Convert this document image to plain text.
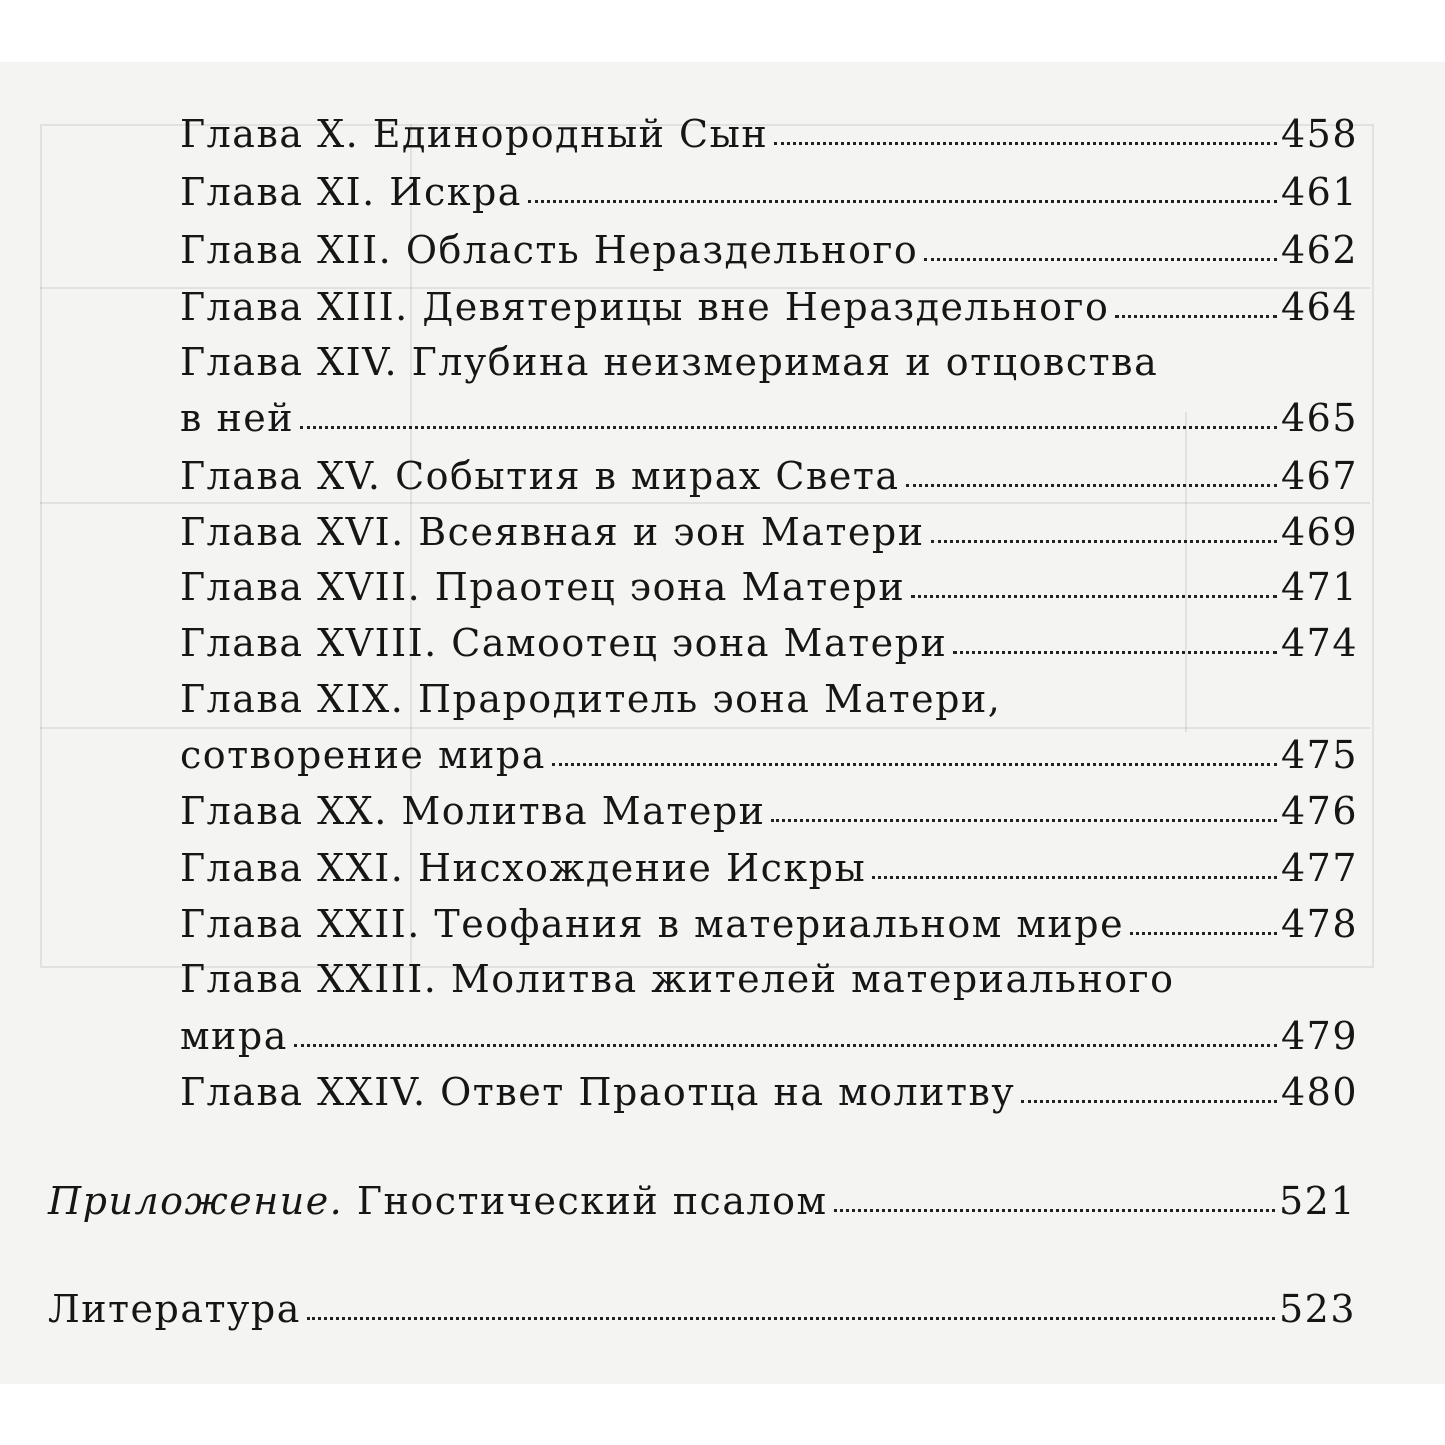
Глава X. Единородный Сын	458
Глава XI. Искра	461
Глава XII. Область Нераздельного	462
Глава XIII. Девятерицы вне Нераздельного	464
Глава XIV. Глубина неизмеримая и отцовства
в ней	465
Глава XV. События в мирах Света	467
Глава XVI. Всеявная и эон Матери	469
Глава XVII. Праотец эона Матери	471
Глава XVIII. Самоотец эона Матери	474
Глава XIX. Прародитель эона Матери,
сотворение мира	475
Глава XX. Молитва Матери	476
Глава XXI. Нисхождение Искры	477
Глава XXII. Теофания в материальном мире	478
Глава XXIII. Молитва жителей материального
мира	479
Глава XXIV. Ответ Праотца на молитву	480
Приложение. Гностический псалом	521
Литература	523
